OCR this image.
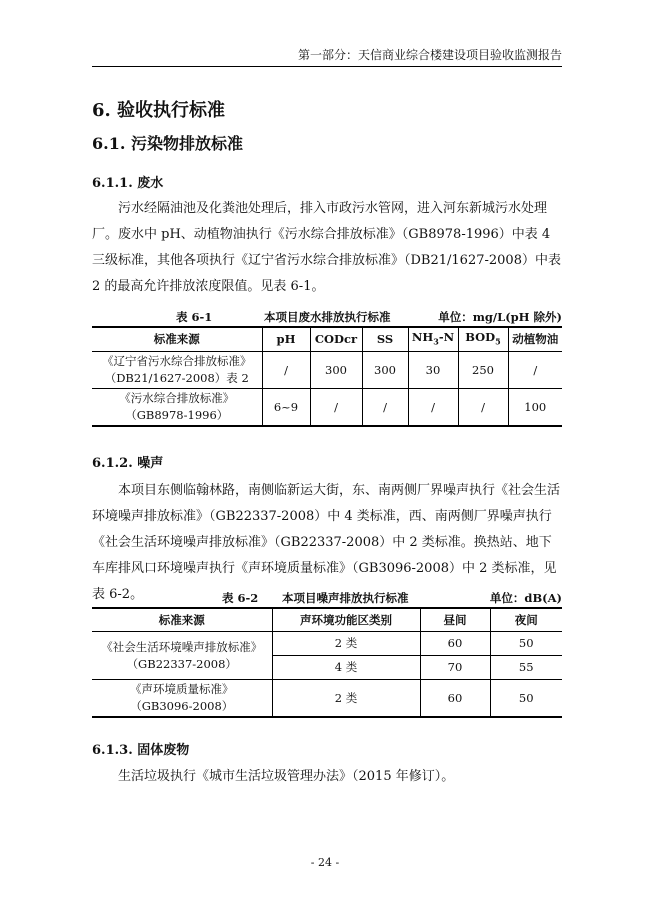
第一部分：天信商业综合楼建设项目验收监测报告
6. 验收执行标准
6.1. 污染物排放标准
6.1.1. 废水

污水经隔油池及化粪池处理后，排入市政污水管网，进入河东新城污水处理厂。废水中 pH、动植物油执行《污水综合排放标准》（GB8978-1996）中表 4 三级标准，其他各项执行《辽宁省污水综合排放标准》（DB21/1627-2008）中表 2 的最高允许排放浓度限值。见表 6-1。

表 6-1	本项目废水排放执行标准	单位：mg/L(pH 除外)
标准来源	pH	CODcr	SS	$NH_3-N$	$BOD_5$	动植物油

《辽宁省污水综合排放标准》
（DB21/1627-2008）表 2	/	300	300	30	250	/

《污水综合排放标准》
（GB8978-1996）	6~9	/	/	/	/	100
6.1.2. 噪声

本项目东侧临翰林路，南侧临新运大街，东、南两侧厂界噪声执行《社会生活环境噪声排放标准》（GB22337-2008）中 4 类标准，西、南两侧厂界噪声执行《社会生活环境噪声排放标准》（GB22337-2008）中 2 类标准。换热站、地下车库排风口环境噪声执行《声环境质量标准》（GB3096-2008）中 2 类标准，见表 6-2。	表 6-2 本项目噪声排放执行标准	单位：dB(A)
标准来源	声环境功能区类别	昼间	夜间

《社会生活环境噪声排放标准》
（GB22337-2008）	2 类	60	50
	4 类	70	55

《声环境质量标准》
（GB3096-2008）	2 类	60	50
6.1.3. 固体废物

生活垃圾执行《城市生活垃圾管理办法》（2015 年修订）。

- 24 -
